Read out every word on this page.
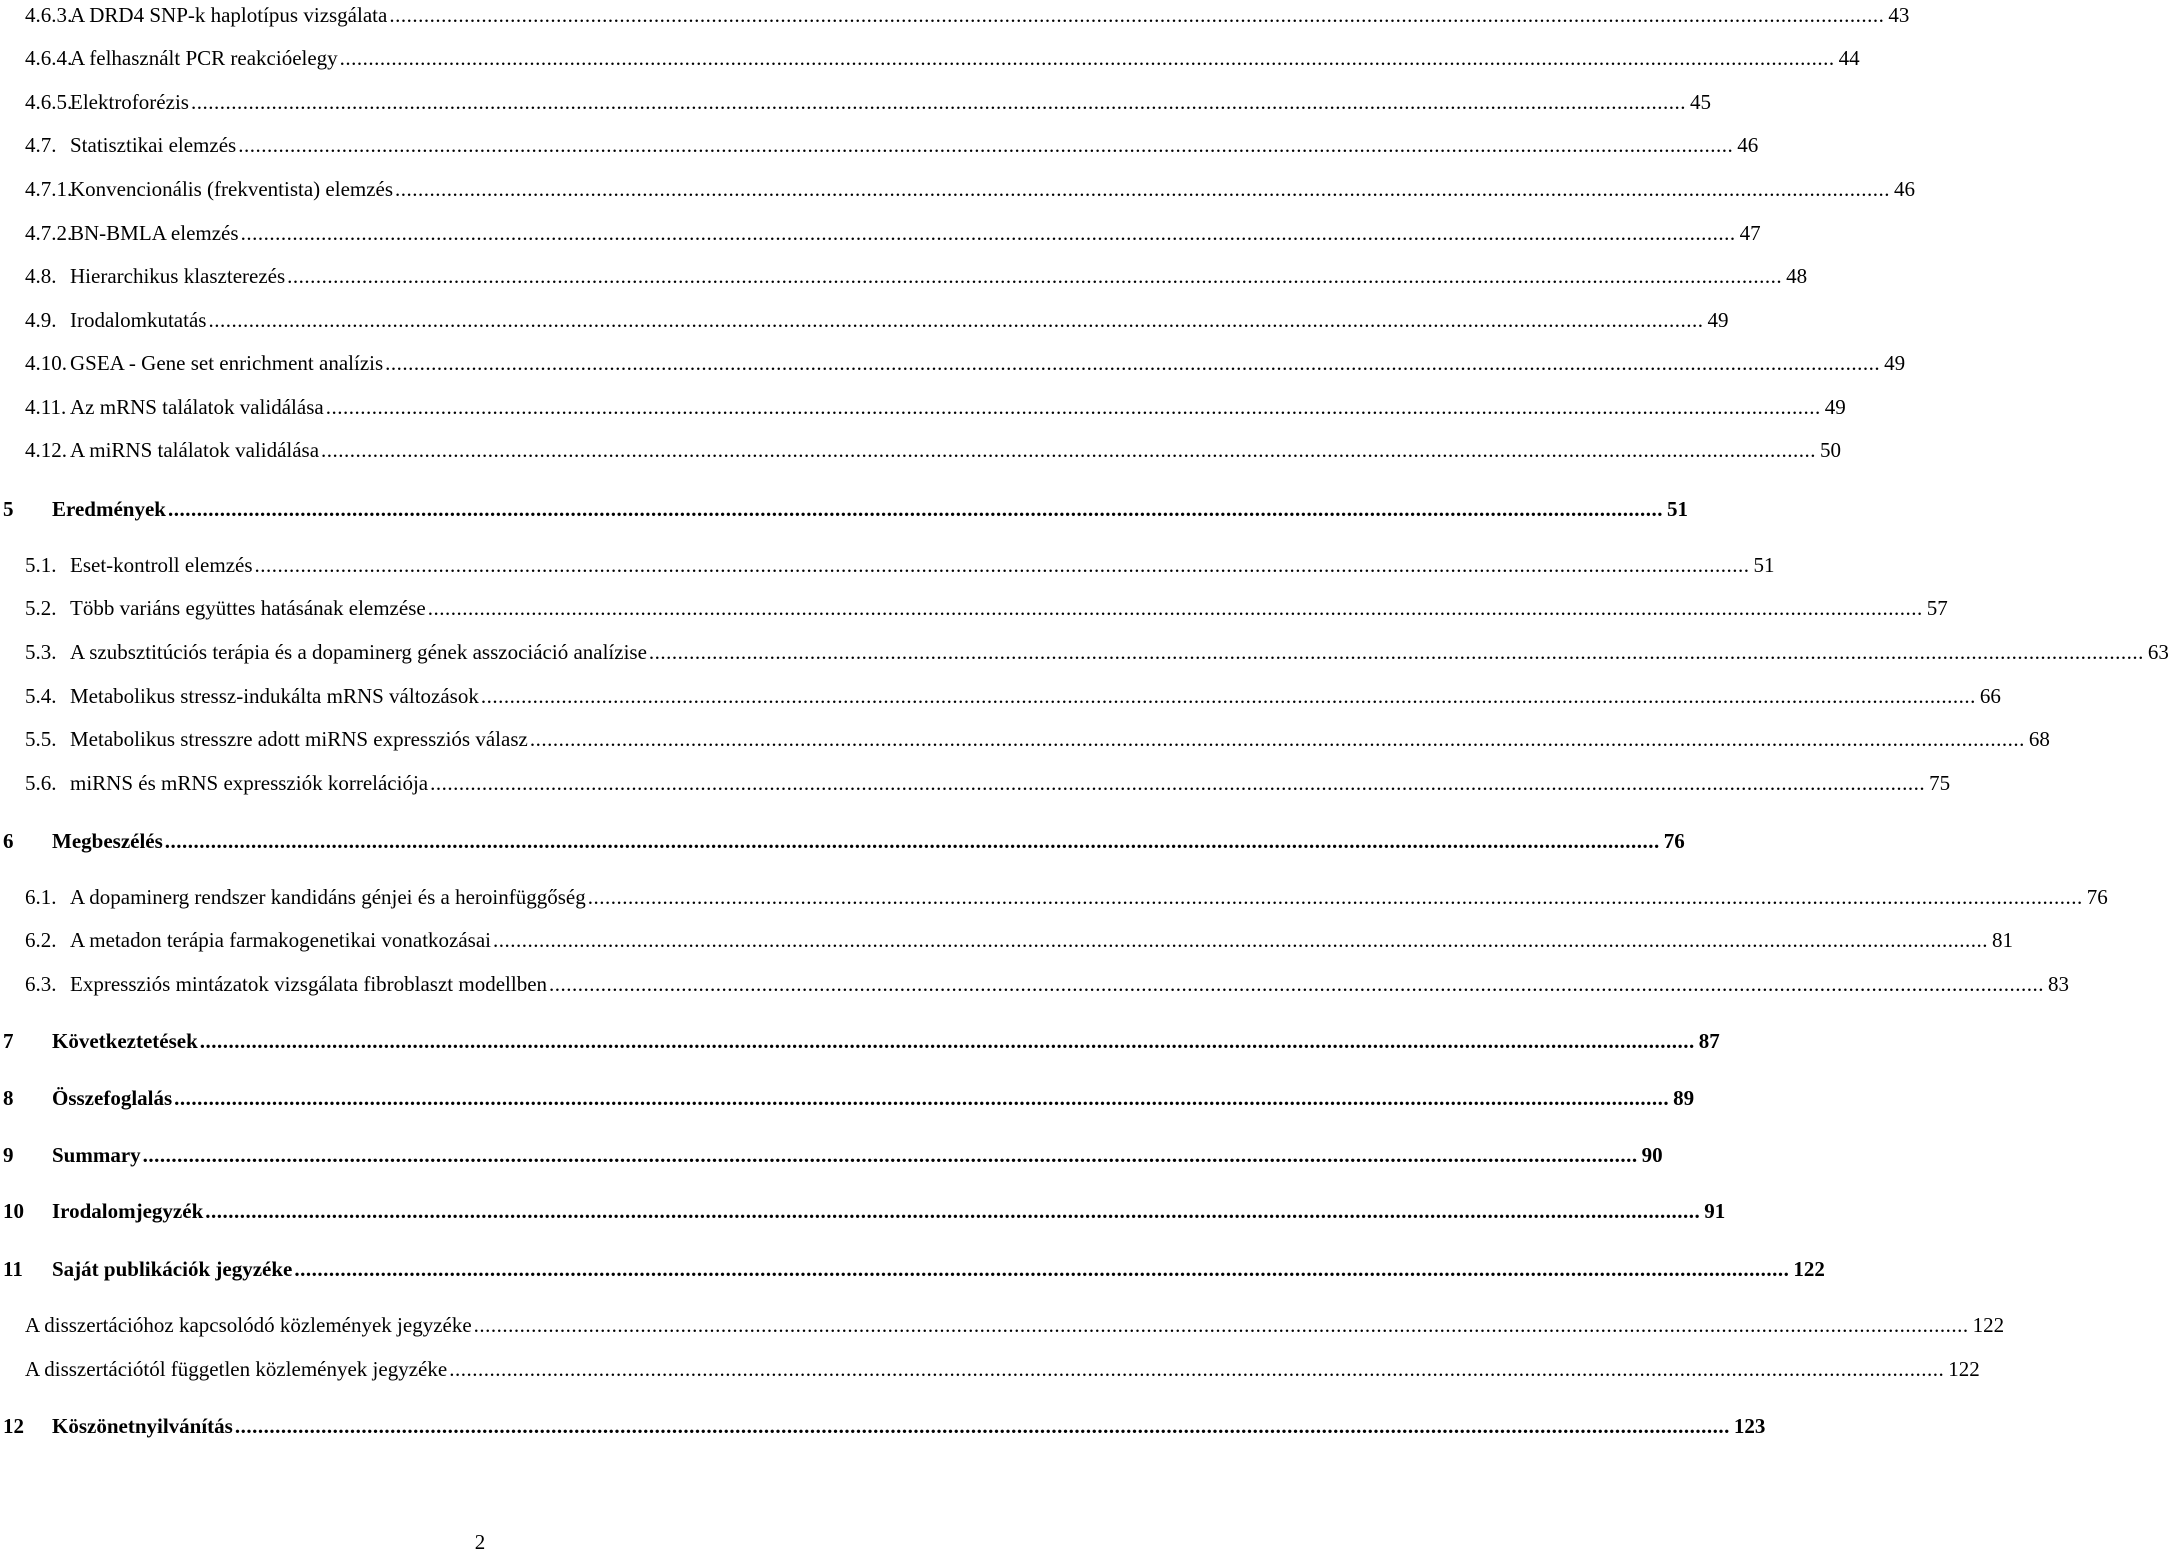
4.6.3.
A DRD4 SNP-k haplotípus vizsgálata .................................................................................................................................................................................................................................................................... 43
4.6.4.
A felhasznált PCR reakcióelegy .................................................................................................................................................................................................................................................................... 44
4.6.5.
Elektroforézis .................................................................................................................................................................................................................................................................... 45
4.7. Statisztikai elemzés .................................................................................................................................................................................................................................................................... 46
4.7.1.
Konvencionális (frekventista) elemzés .................................................................................................................................................................................................................................................................... 46
4.7.2.
BN-BMLA elemzés .................................................................................................................................................................................................................................................................... 47
4.8. Hierarchikus klaszterezés .................................................................................................................................................................................................................................................................... 48
4.9. Irodalomkutatás .................................................................................................................................................................................................................................................................... 49
4.10. GSEA - Gene set enrichment analízis .................................................................................................................................................................................................................................................................... 49
4.11. Az mRNS találatok validálása .................................................................................................................................................................................................................................................................... 49
4.12. A miRNS találatok validálása .................................................................................................................................................................................................................................................................... 50
5 Eredmények .................................................................................................................................................................................................................................................................... 51
5.1. Eset-kontroll elemzés .................................................................................................................................................................................................................................................................... 51
5.2. Több variáns együttes hatásának elemzése .................................................................................................................................................................................................................................................................... 57
5.3. A szubsztitúciós terápia és a dopaminerg gének asszociáció analízise .................................................................................................................................................................................................................................................................... 63
5.4. Metabolikus stressz-indukálta mRNS változások .................................................................................................................................................................................................................................................................... 66
5.5. Metabolikus stresszre adott miRNS expressziós válasz .................................................................................................................................................................................................................................................................... 68
5.6. miRNS és mRNS expressziók korrelációja .................................................................................................................................................................................................................................................................... 75
6 Megbeszélés .................................................................................................................................................................................................................................................................... 76
6.1. A dopaminerg rendszer kandidáns génjei és a heroinfüggőség .................................................................................................................................................................................................................................................................... 76
6.2. A metadon terápia farmakogenetikai vonatkozásai .................................................................................................................................................................................................................................................................... 81
6.3. Expressziós mintázatok vizsgálata fibroblaszt modellben .................................................................................................................................................................................................................................................................... 83
7 Következtetések .................................................................................................................................................................................................................................................................... 87
8 Összefoglalás .................................................................................................................................................................................................................................................................... 89
9 Summary .................................................................................................................................................................................................................................................................... 90
10 Irodalomjegyzék .................................................................................................................................................................................................................................................................... 91
11 Saját publikációk jegyzéke .................................................................................................................................................................................................................................................................... 122
A disszertációhoz kapcsolódó közlemények jegyzéke .................................................................................................................................................................................................................................................................... 122
A disszertációtól független közlemények jegyzéke .................................................................................................................................................................................................................................................................... 122
12 Köszönetnyilvánítás .................................................................................................................................................................................................................................................................... 123
2
